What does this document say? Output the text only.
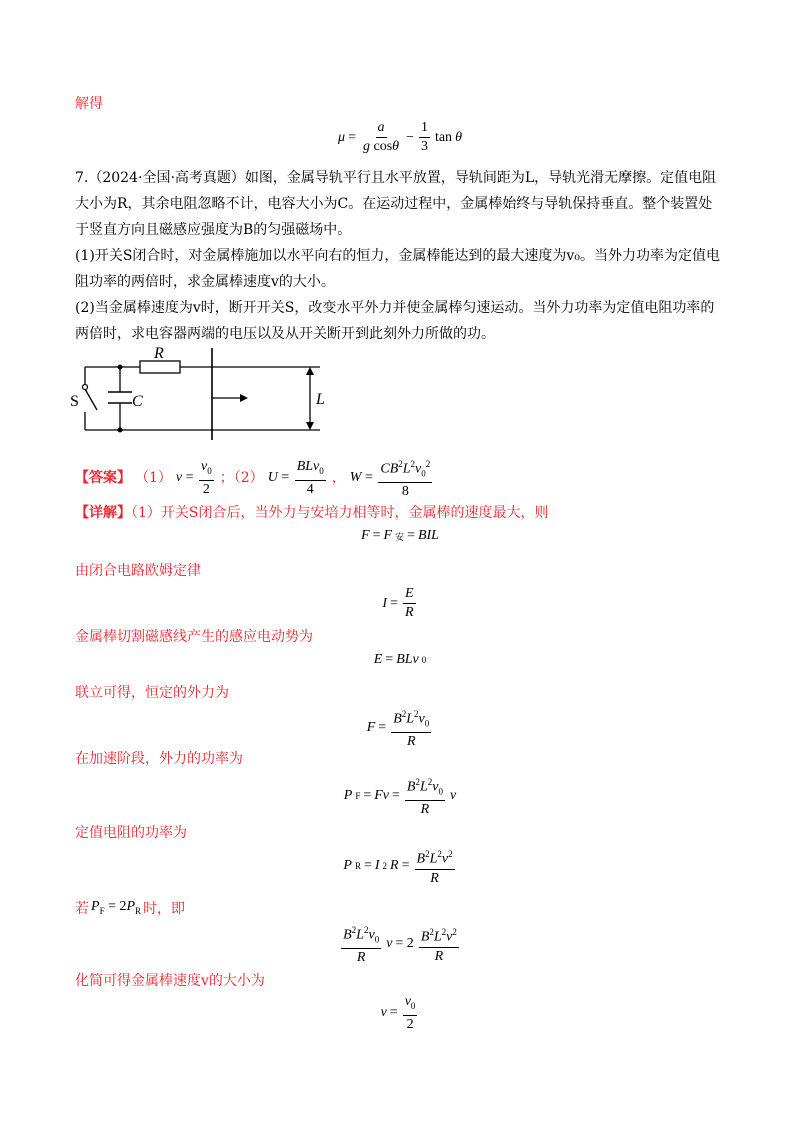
解得
$\mu = \frac{a}{\text{g cosθ}} - \frac{1}{3}$ tan θ
7.（2024·全国·高考真题）如图，金属导轨平行且水平放置，导轨间距为L，导轨光滑无摩擦。定值电阻
大小为R，其余电阻忽略不计，电容大小为C。在运动过程中，金属棒始终与导轨保持垂直。整个装置处
于竖直方向且磁感应强度为B的匀强磁场中。
(1)开关S闭合时，对金属棒施加以水平向右的恒力，金属棒能达到的最大速度为v₀。当外力功率为定值电
阻功率的两倍时，求金属棒速度v的大小。
(2)当金属棒速度为v时，断开开关S，改变水平外力并使金属棒匀速运动。当外力功率为定值电阻功率的
两倍时，求电容器两端的电压以及从开关断开到此刻外力所做的功。
R
S	C	L
【答案】 （1） $v = \frac{v_0}{2}$ ；（2） $U = \frac{BLv_0}{4}$ ， $W = \frac{CB^2L^2v_0^2}{8}$
【详解】（1）开关S闭合后，当外力与安培力相等时，金属棒的速度最大，则
F = F 安 = BIL
由闭合电路欧姆定律
$I = \frac{E}{R}$
金属棒切割磁感线产生的感应电动势为
E = BLv 0
联立可得，恒定的外力为
$F = \frac{B^2L^2v_0}{R}$
在加速阶段，外力的功率为
P $F = Fv = \frac{B^2L^2v_0}{R}$ v
定值电阻的功率为
P R = I 2 $R = \frac{B^2L^2v^2}{R}$
若 $P_F = 2P_R$ 时，即
$\frac{B^2L^2v_0}{R}$ $v = 2 \frac{B^2L^2v^2}{R}$
化简可得金属棒速度v的大小为
$v = \frac{v_0}{2}$
